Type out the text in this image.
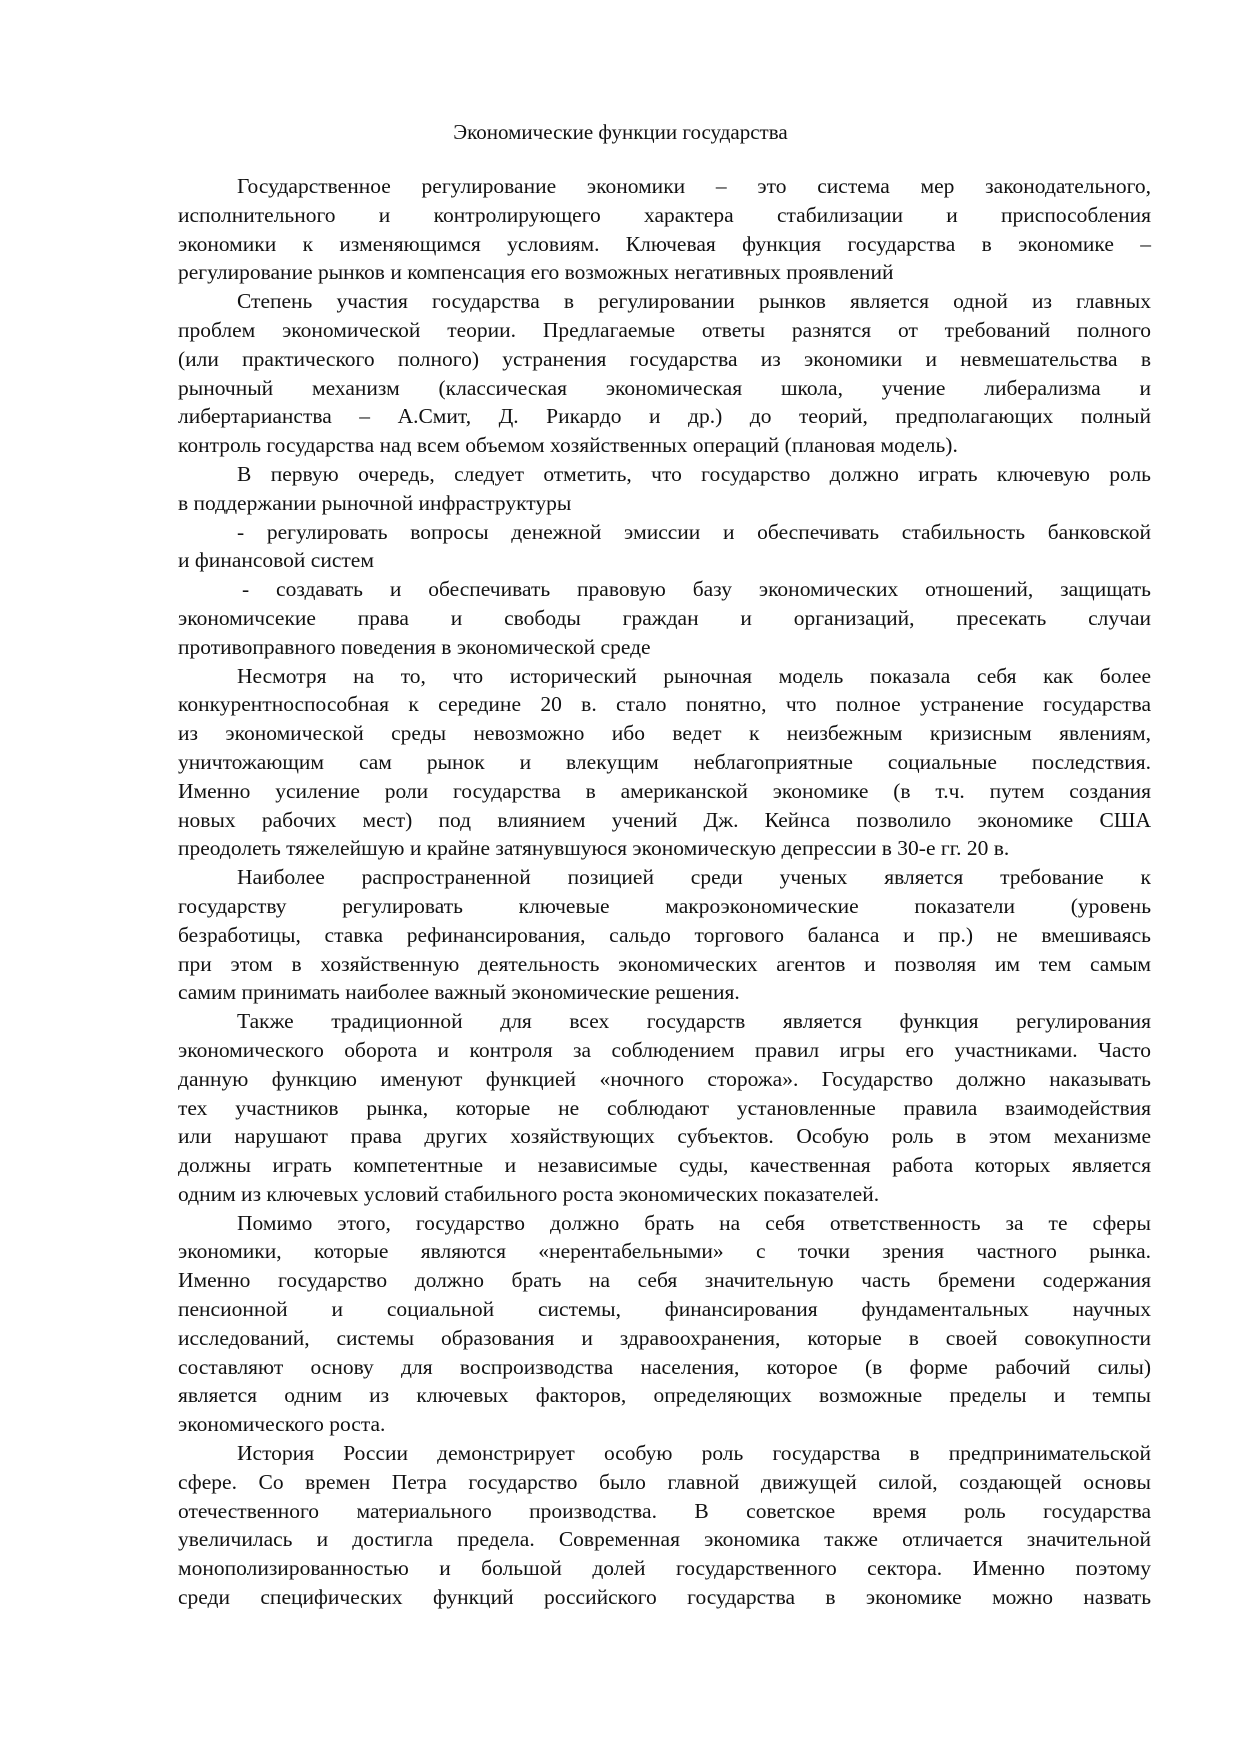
Экономические функции государства

Государственное регулирование экономики – это система мер законодательного,
исполнительного и контролирующего характера стабилизации и приспособления
экономики к изменяющимся условиям. Ключевая функция государства в экономике –
регулирование рынков и компенсация его возможных негативных проявлений

Степень участия государства в регулировании рынков является одной из главных
проблем экономической теории. Предлагаемые ответы разнятся от требований полного
(или практического полного) устранения государства из экономики и невмешательства в
рыночный механизм (классическая экономическая школа, учение либерализма и
либертарианства – А.Смит, Д. Рикардо и др.) до теорий, предполагающих полный
контроль государства над всем объемом хозяйственных операций (плановая модель).

В первую очередь, следует отметить, что государство должно играть ключевую роль
в поддержании рыночной инфраструктуры

- регулировать вопросы денежной эмиссии и обеспечивать стабильность банковской
и финансовой систем

- создавать и обеспечивать правовую базу экономических отношений, защищать
экономичсекие права и свободы граждан и организаций, пресекать случаи
противоправного поведения в экономической среде

Несмотря на то, что исторический рыночная модель показала себя как более
конкурентноспособная к середине 20 в. стало понятно, что полное устранение государства
из экономической среды невозможно ибо ведет к неизбежным кризисным явлениям,
уничтожающим сам рынок и влекущим неблагоприятные социальные последствия.
Именно усиление роли государства в американской экономике (в т.ч. путем создания
новых рабочих мест) под влиянием учений Дж. Кейнса позволило экономике США
преодолеть тяжелейшую и крайне затянувшуюся экономическую депрессии в 30-е гг. 20 в.

Наиболее распространенной позицией среди ученых является требование к
государству регулировать ключевые макроэкономические показатели (уровень
безработицы, ставка рефинансирования, сальдо торгового баланса и пр.) не вмешиваясь
при этом в хозяйственную деятельность экономических агентов и позволяя им тем самым
самим принимать наиболее важный экономические решения.

Также традиционной для всех государств является функция регулирования
экономического оборота и контроля за соблюдением правил игры его участниками. Часто
данную функцию именуют функцией «ночного сторожа». Государство должно наказывать
тех участников рынка, которые не соблюдают установленные правила взаимодействия
или нарушают права других хозяйствующих субъектов. Особую роль в этом механизме
должны играть компетентные и независимые суды, качественная работа которых является
одним из ключевых условий стабильного роста экономических показателей.

Помимо этого, государство должно брать на себя ответственность за те сферы
экономики, которые являются «нерентабельными» с точки зрения частного рынка.
Именно государство должно брать на себя значительную часть бремени содержания
пенсионной и социальной системы, финансирования фундаментальных научных
исследований, системы образования и здравоохранения, которые в своей совокупности
составляют основу для воспроизводства населения, которое (в форме рабочий силы)
является одним из ключевых факторов, определяющих возможные пределы и темпы
экономического роста.

История России демонстрирует особую роль государства в предпринимательской
сфере. Со времен Петра государство было главной движущей силой, создающей основы
отечественного материального производства. В советское время роль государства
увеличилась и достигла предела. Современная экономика также отличается значительной
монополизированностью и большой долей государственного сектора. Именно поэтому
среди специфических функций российского государства в экономике можно назвать
